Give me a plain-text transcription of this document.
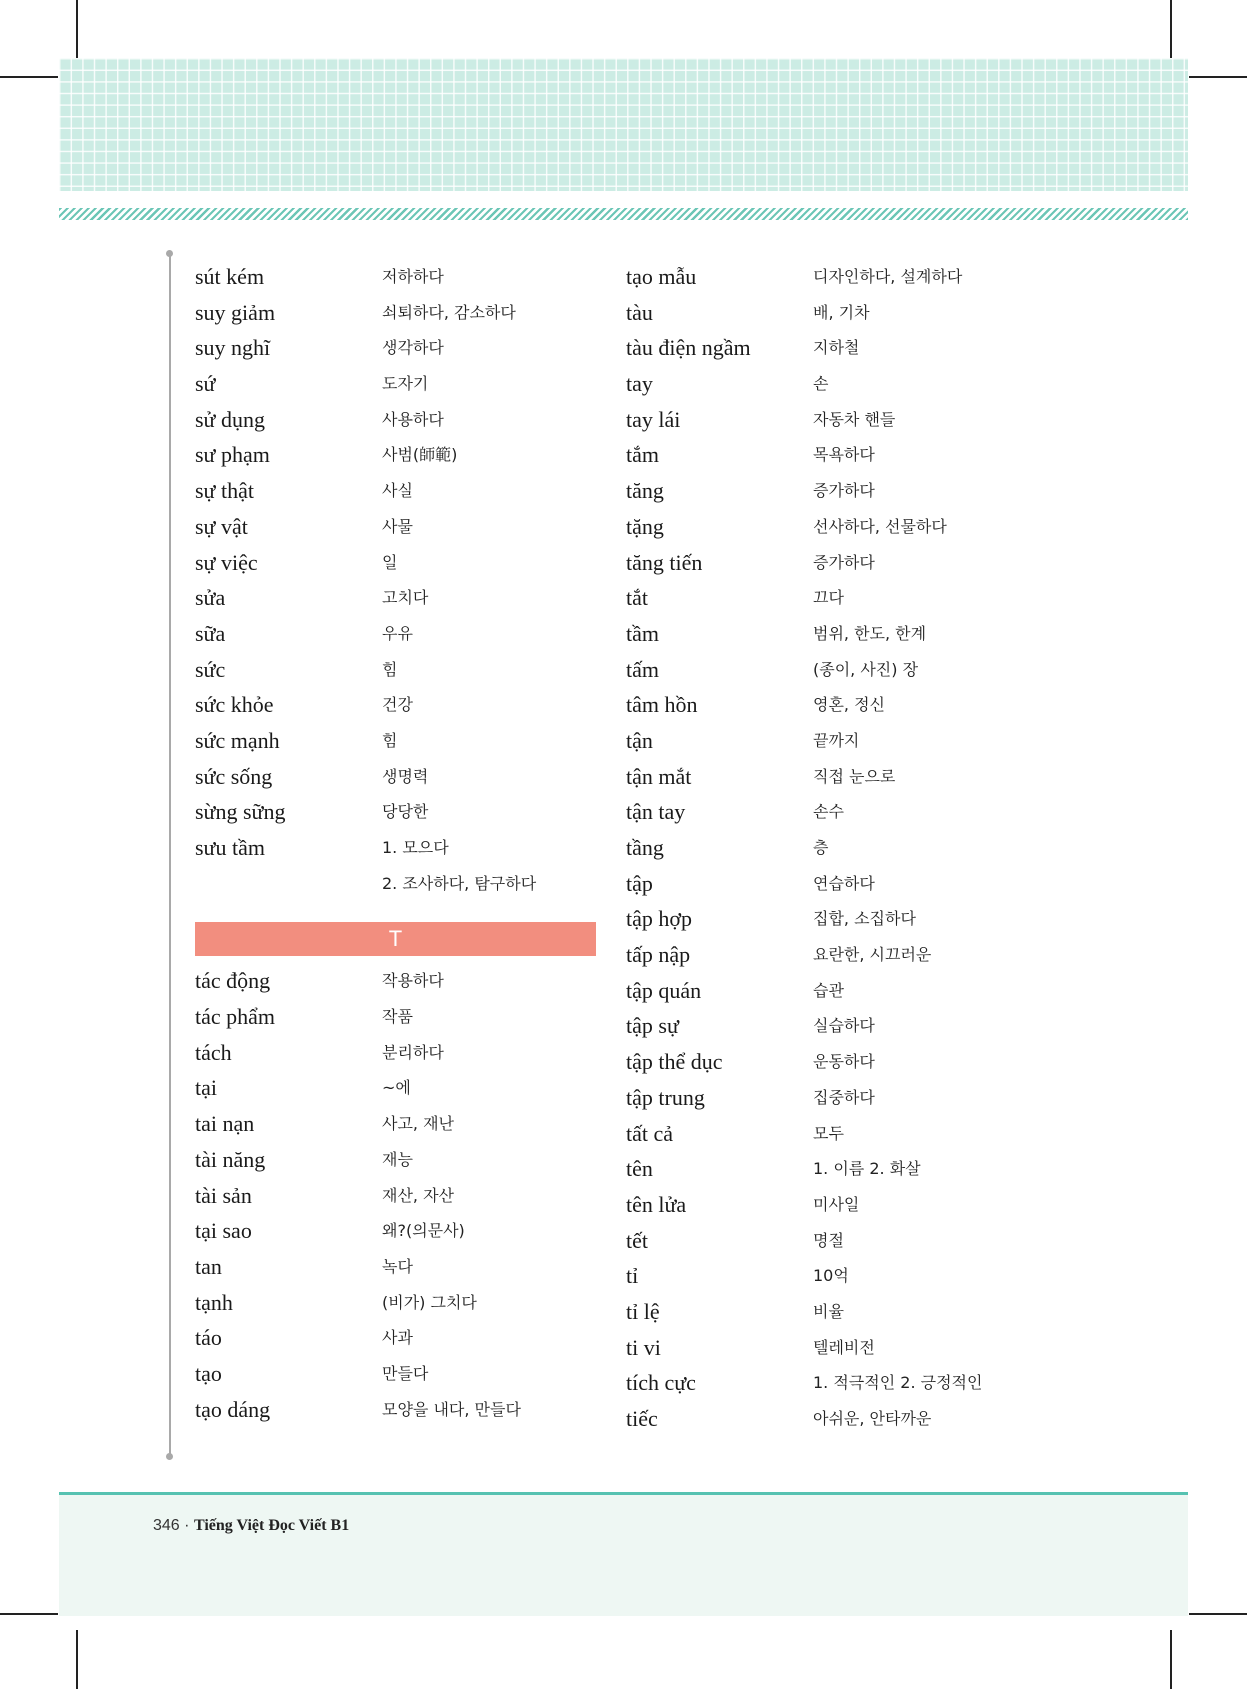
sút kém	저하하다
suy giảm	쇠퇴하다, 감소하다
suy nghĩ	생각하다
sứ	도자기
sử dụng	사용하다
sư phạm	사범(師範)
sự thật	사실
sự vật	사물
sự việc	일
sửa	고치다
sữa	우유
sức	힘
sức khỏe	건강
sức mạnh	힘
sức sống	생명력
sừng sững	당당한
sưu tầm	1. 모으다
2. 조사하다, 탐구하다
T
tác động	작용하다
tác phẩm	작품
tách	분리하다
tại	~에
tai nạn	사고, 재난
tài năng	재능
tài sản	재산, 자산
tại sao	왜?(의문사)
tan	녹다
tạnh	(비가) 그치다
táo	사과
tạo	만들다
tạo dáng	모양을 내다, 만들다
tạo mẫu	디자인하다, 설계하다
tàu	배, 기차
tàu điện ngầm	지하철
tay	손
tay lái	자동차 핸들
tắm	목욕하다
tăng	증가하다
tặng	선사하다, 선물하다
tăng tiến	증가하다
tắt	끄다
tầm	범위, 한도, 한계
tấm	(종이, 사진) 장
tâm hồn	영혼, 정신
tận	끝까지
tận mắt	직접 눈으로
tận tay	손수
tầng	층
tập	연습하다
tập hợp	집합, 소집하다
tấp nập	요란한, 시끄러운
tập quán	습관
tập sự	실습하다
tập thể dục	운동하다
tập trung	집중하다
tất cả	모두
tên	1. 이름 2. 화살
tên lửa	미사일
tết	명절
tỉ	10억
tỉ lệ	비율
ti vi	텔레비전
tích cực	1. 적극적인 2. 긍정적인
tiếc	아쉬운, 안타까운
346 · Tiếng Việt Đọc Viết B1
